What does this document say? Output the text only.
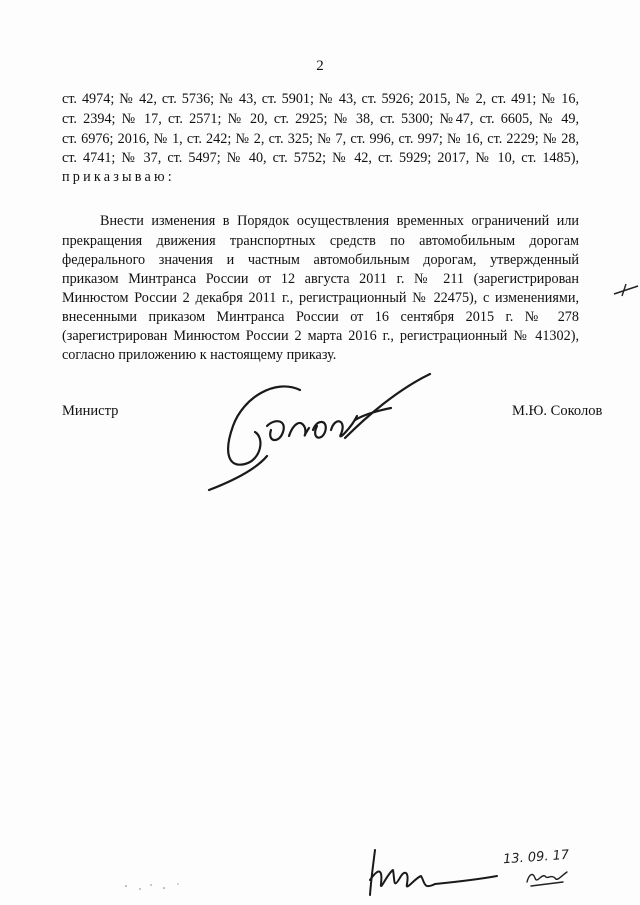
2
ст. 4974; № 42, ст. 5736; № 43, ст. 5901; № 43, ст. 5926; 2015, № 2, ст. 491; № 16,
ст. 2394; № 17, ст. 2571; № 20, ст. 2925; № 38, ст. 5300; №47, ст. 6605, № 49,
ст. 6976; 2016, № 1, ст. 242; № 2, ст. 325; № 7, ст. 996, ст. 997; № 16, ст. 2229; № 28,
ст. 4741; № 37, ст. 5497; № 40, ст. 5752; № 42, ст. 5929; 2017, № 10, ст. 1485),
приказываю:
Внести изменения в Порядок осуществления временных ограничений или
прекращения движения транспортных средств по автомобильным дорогам
федерального значения и частным автомобильным дорогам, утвержденный
приказом Минтранса России от 12 августа 2011 г. № 211 (зарегистрирован
Минюстом России 2 декабря 2011 г., регистрационный № 22475), с изменениями,
внесенными приказом Минтранса России от 16 сентября 2015 г. № 278
(зарегистрирован Минюстом России 2 марта 2016 г., регистрационный № 41302),
согласно приложению к настоящему приказу.
Министр	М.Ю. Соколов
13. 09. 17
